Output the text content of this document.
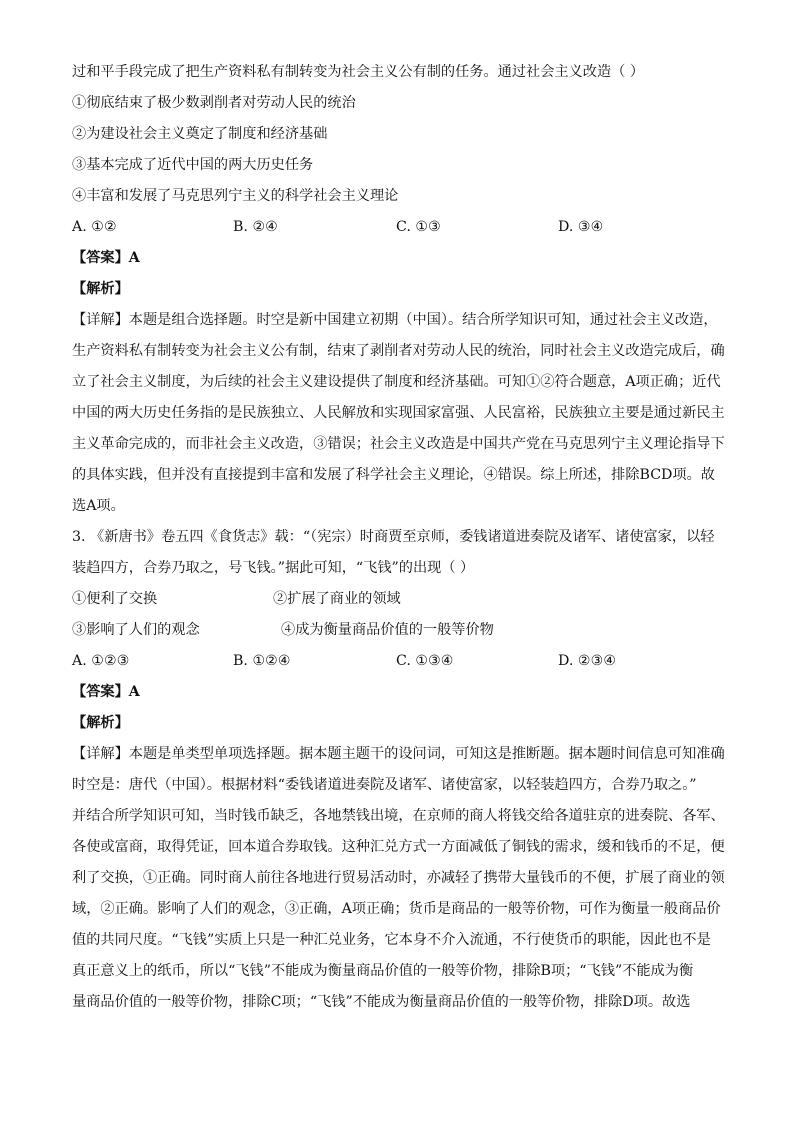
过和平手段完成了把生产资料私有制转变为社会主义公有制的任务。通过社会主义改造（ ）
①彻底结束了极少数剥削者对劳动人民的统治
②为建设社会主义奠定了制度和经济基础
③基本完成了近代中国的两大历史任务
④丰富和发展了马克思列宁主义的科学社会主义理论
A. ①②	B. ②④	C. ①③	D. ③④
【答案】A
【解析】
【详解】本题是组合选择题。时空是新中国建立初期（中国）。结合所学知识可知，通过社会主义改造，
生产资料私有制转变为社会主义公有制，结束了剥削者对劳动人民的统治，同时社会主义改造完成后，确
立了社会主义制度，为后续的社会主义建设提供了制度和经济基础。可知①②符合题意，A项正确；近代
中国的两大历史任务指的是民族独立、人民解放和实现国家富强、人民富裕，民族独立主要是通过新民主
主义革命完成的，而非社会主义改造，③错误；社会主义改造是中国共产党在马克思列宁主义理论指导下
的具体实践，但并没有直接提到丰富和发展了科学社会主义理论，④错误。综上所述，排除BCD项。故
选A项。
3. 《新唐书》卷五四《食货志》载：“（宪宗）时商贾至京师，委钱诸道进奏院及诸军、诸使富家，以轻
装趋四方，合券乃取之，号飞钱。”据此可知，“飞钱”的出现（ ）
①便利了交换	②扩展了商业的领域
③影响了人们的观念	④成为衡量商品价值的一般等价物
A. ①②③	B. ①②④	C. ①③④	D. ②③④
【答案】A
【解析】
【详解】本题是单类型单项选择题。据本题主题干的设问词，可知这是推断题。据本题时间信息可知准确
时空是：唐代（中国）。根据材料“委钱诸道进奏院及诸军、诸使富家，以轻装趋四方，合券乃取之。”
并结合所学知识可知，当时钱币缺乏，各地禁钱出境，在京师的商人将钱交给各道驻京的进奏院、各军、
各使或富商，取得凭证，回本道合券取钱。这种汇兑方式一方面减低了铜钱的需求，缓和钱币的不足，便
利了交换，①正确。同时商人前往各地进行贸易活动时，亦减轻了携带大量钱币的不便，扩展了商业的领
域，②正确。影响了人们的观念，③正确，A项正确；货币是商品的一般等价物，可作为衡量一般商品价
值的共同尺度。“飞钱”实质上只是一种汇兑业务，它本身不介入流通，不行使货币的职能，因此也不是
真正意义上的纸币，所以“飞钱”不能成为衡量商品价值的一般等价物，排除B项；“飞钱”不能成为衡
量商品价值的一般等价物，排除C项；“飞钱”不能成为衡量商品价值的一般等价物，排除D项。故选
